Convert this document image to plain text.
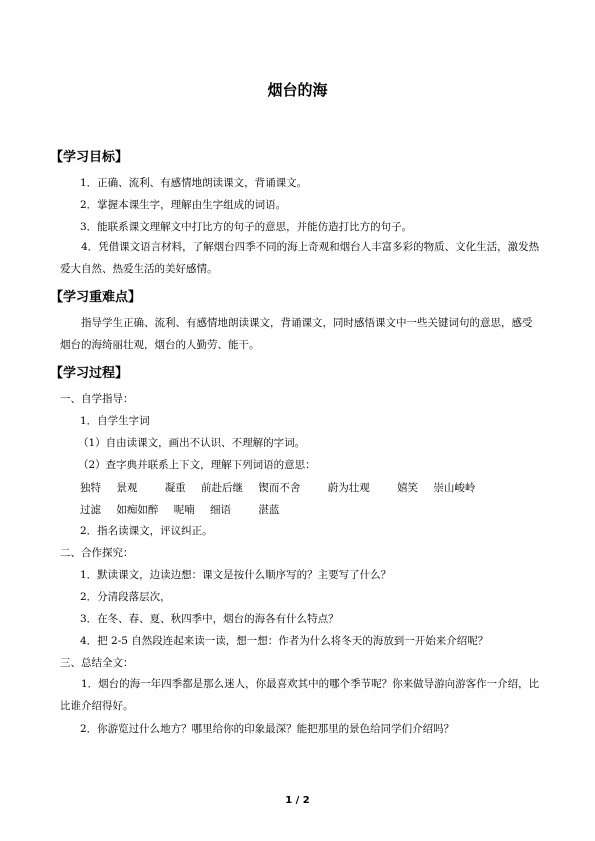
烟台的海
【学习目标】
1．正确、流利、有感情地朗读课文，背诵课文。
2．掌握本课生字，理解由生字组成的词语。
3．能联系课文理解文中打比方的句子的意思，并能仿造打比方的句子。
4．凭借课文语言材料，了解烟台四季不同的海上奇观和烟台人丰富多彩的物质、文化生活，激发热爱大自然、热爱生活的美好感情。
【学习重难点】
指导学生正确、流利、有感情地朗读课文，背诵课文，同时感悟课文中一些关键词句的意思，感受烟台的海绮丽壮观，烟台的人勤劳、能干。
【学习过程】
一、自学指导：
1．自学生字词
（1）自由读课文，画出不认识、不理解的字词。
（2）查字典并联系上下文，理解下列词语的意思：
独特 景观	凝重 前赴后继 锲而不舍	蔚为壮观	嬉笑 崇山峻岭
过滤 如痴如醉 呢喃 细语	湛蓝
2．指名读课文，评议纠正。
二、合作探究：
1．默读课文，边读边想：课文是按什么顺序写的？主要写了什么？
2．分清段落层次，
3．在冬、春、夏、秋四季中，烟台的海各有什么特点？
4．把 2-5 自然段连起来读一读，想一想：作者为什么将冬天的海放到一开始来介绍呢？
三、总结全文：
1．烟台的海一年四季都是那么迷人，你最喜欢其中的哪个季节呢？你来做导游向游客作一介绍，比比谁介绍得好。
2．你游览过什么地方？哪里给你的印象最深？能把那里的景色给同学们介绍吗？
1 / 2
